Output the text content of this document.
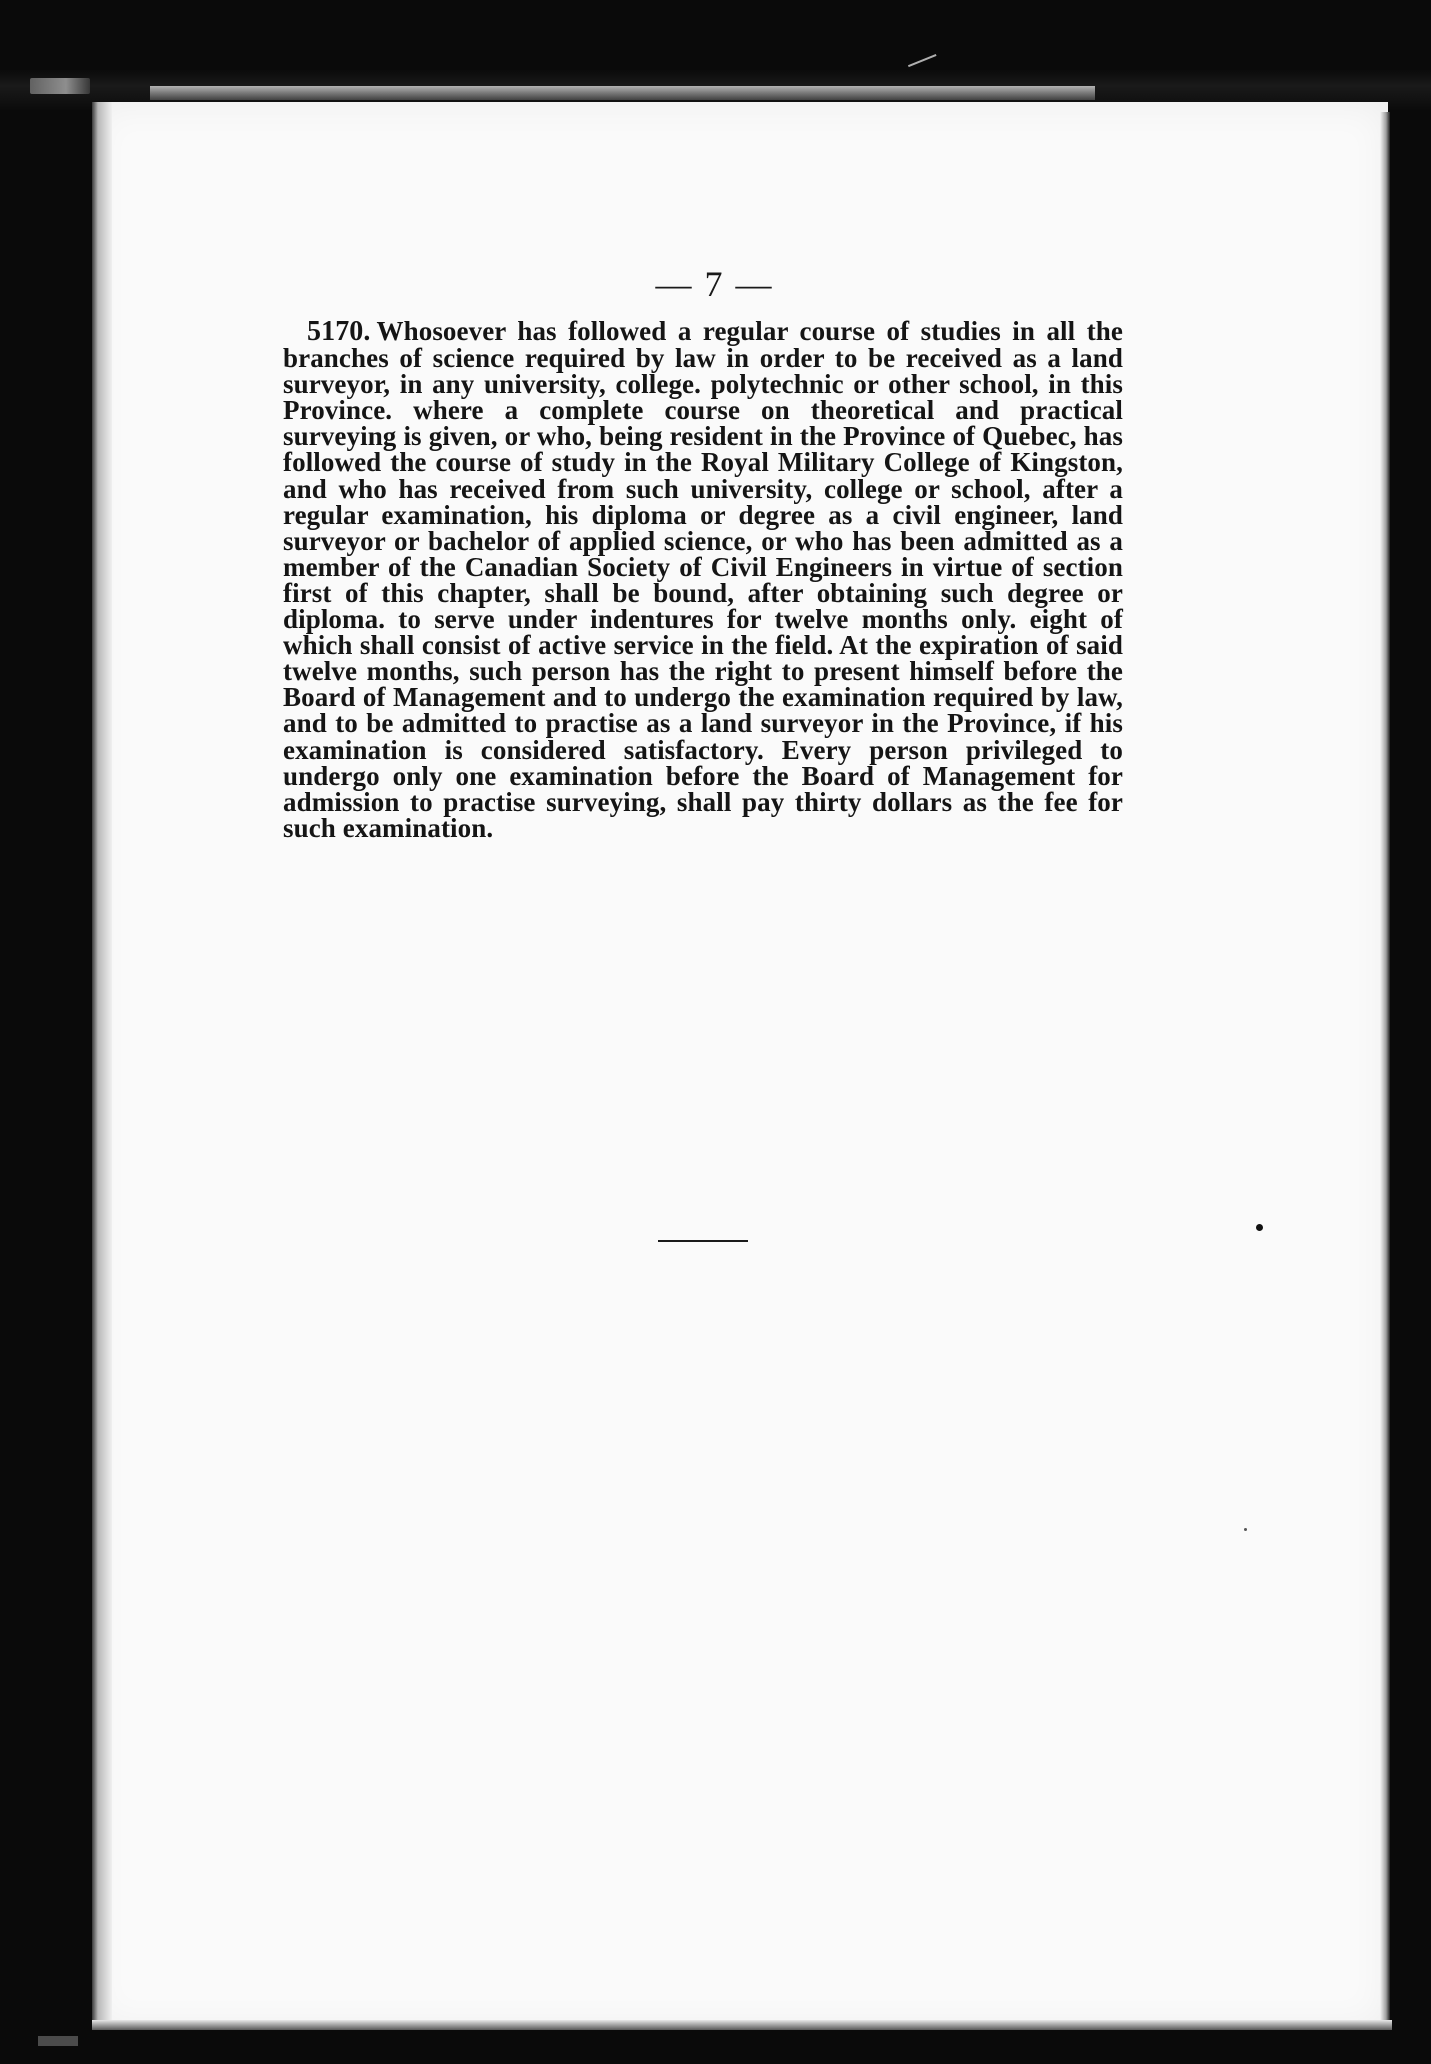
— 7 —
5170. Whosoever has followed a regular course of studies in all the branches of science required by law in order to be received as a land surveyor, in any university, college. polytechnic or other school, in this Province. where a complete course on theoretical and practical surveying is given, or who, being resident in the Province of Quebec, has followed the course of study in the Royal Military College of Kingston, and who has received from such university, college or school, after a regular examination, his diploma or degree as a civil engineer, land surveyor or bachelor of applied science, or who has been admitted as a member of the Canadian Society of Civil Engineers in virtue of section first of this chapter, shall be bound, after obtaining such degree or diploma. to serve under indentures for twelve months only. eight of which shall consist of active service in the field. At the expiration of said twelve months, such person has the right to present himself before the Board of Management and to undergo the examination required by law, and to be admitted to practise as a land surveyor in the Province, if his examination is considered satisfactory. Every person privileged to undergo only one examination before the Board of Management for admission to practise surveying, shall pay thirty dollars as the fee for such examination.
